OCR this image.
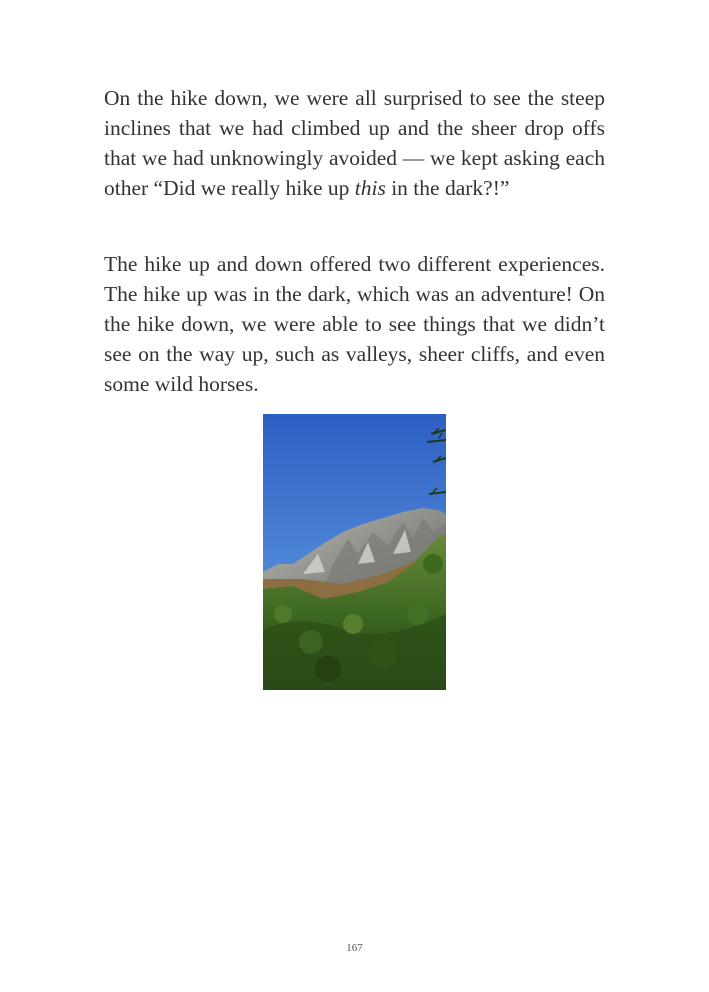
On the hike down, we were all surprised to see the steep inclines that we had climbed up and the sheer drop offs that we had unknowingly avoided — we kept asking each other “Did we really hike up this in the dark?!”

The hike up and down offered two different experiences. The hike up was in the dark, which was an adventure! On the hike down, we were able to see things that we didn’t see on the way up, such as valleys, sheer cliffs, and even some wild horses.

167
